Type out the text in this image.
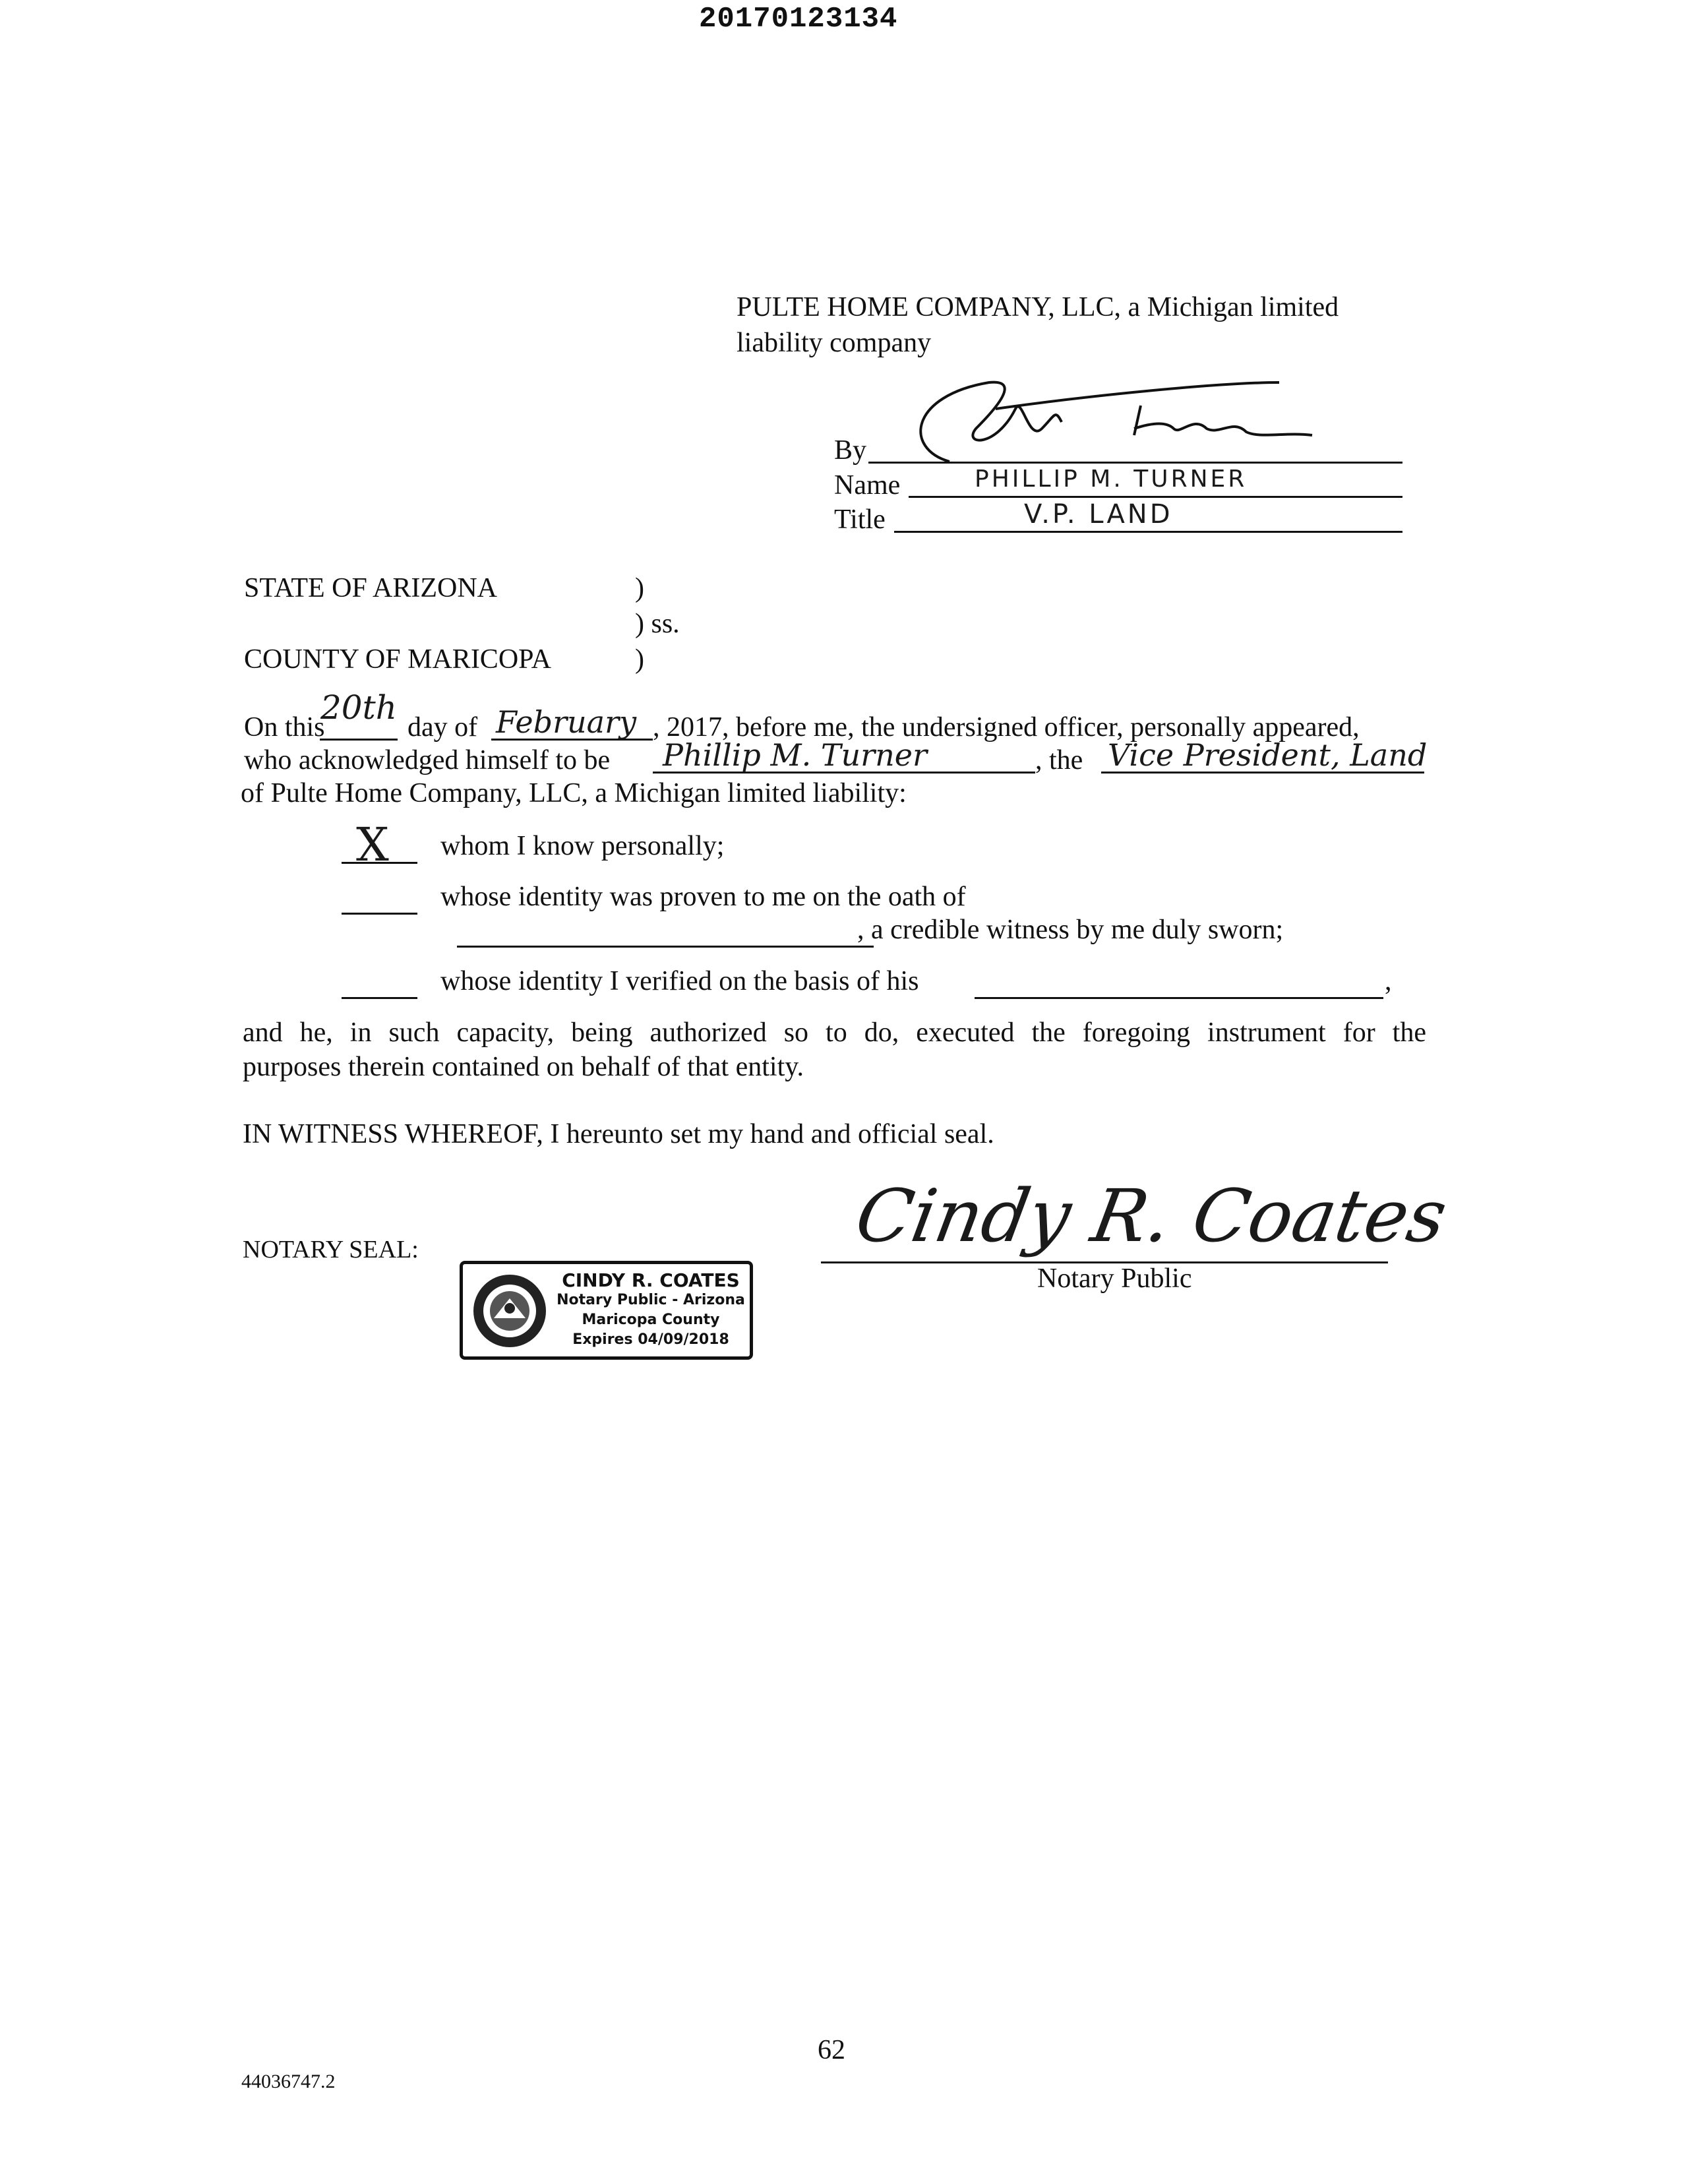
20170123134
PULTE HOME COMPANY, LLC, a Michigan limited
liability company
By
Name	PHILLIP M. TURNER
Title	V.P. LAND
STATE OF ARIZONA	)
) ss.
COUNTY OF MARICOPA	)
On this
20th
day of February , 2017, before me, the undersigned officer, personally appeared,
who acknowledged himself to be Phillip M. Turner	, the Vice President, Land
of Pulte Home Company, LLC, a Michigan limited liability:
X whom I know personally;
whose identity was proven to me on the oath of
, a credible witness by me duly sworn;
whose identity I verified on the basis of his	,
and he, in such capacity, being authorized so to do, executed the foregoing instrument for the
purposes therein contained on behalf of that entity.
IN WITNESS WHEREOF, I hereunto set my hand and official seal.
NOTARY SEAL:
CINDY R. COATES
Notary Public - Arizona
Maricopa County
Expires 04/09/2018
Cindy R. Coates
Notary Public
62
44036747.2
